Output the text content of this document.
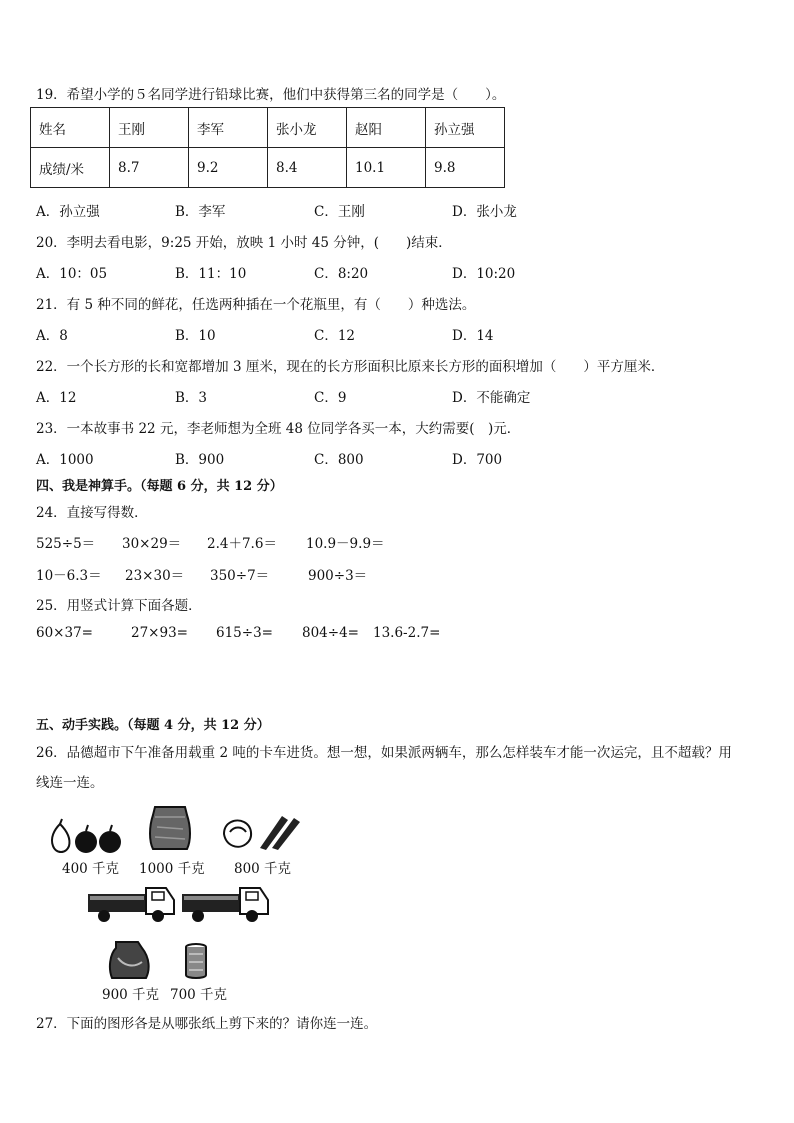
19．希望小学的５名同学进行铅球比赛，他们中获得第三名的同学是（　　）。
姓名	王刚	李军	张小龙	赵阳	孙立强
成绩/米	8.7	9.2	8.4	10.1	9.8
A．孙立强	B．李军	C．王刚	D．张小龙
20．李明去看电影，9:25 开始，放映 1 小时 45 分钟，(　　)结束．
A．10：05	B．11：10	C．8:20	D．10:20
21．有 5 种不同的鲜花，任选两种插在一个花瓶里，有（　　）种选法。
A．8	B．10	C．12	D．14
22．一个长方形的长和宽都增加 3 厘米，现在的长方形面积比原来长方形的面积增加（　　）平方厘米．
A．12	B．3	C．9	D．不能确定
23．一本故事书 22 元，李老师想为全班 48 位同学各买一本，大约需要(　)元．
A．1000	B．900	C．800	D．700
四、我是神算手。（每题 6 分，共 12 分）
24．直接写得数．
525÷5＝ 30×29＝ 2.4＋7.6＝ 10.9－9.9＝
10－6.3＝ 23×30＝ 350÷7＝	900÷3＝
25．用竖式计算下面各题．
60×37=	27×93= 615÷3= 804÷4= 13.6-2.7=
五、动手实践。（每题 4 分，共 12 分）
26．品德超市下午准备用载重 2 吨的卡车进货。想一想，如果派两辆车，那么怎样装车才能一次运完，且不超载？用
线连一连。
400 千克 1000 千克 800 千克
900 千克 700 千克
27．下面的图形各是从哪张纸上剪下来的？请你连一连。
